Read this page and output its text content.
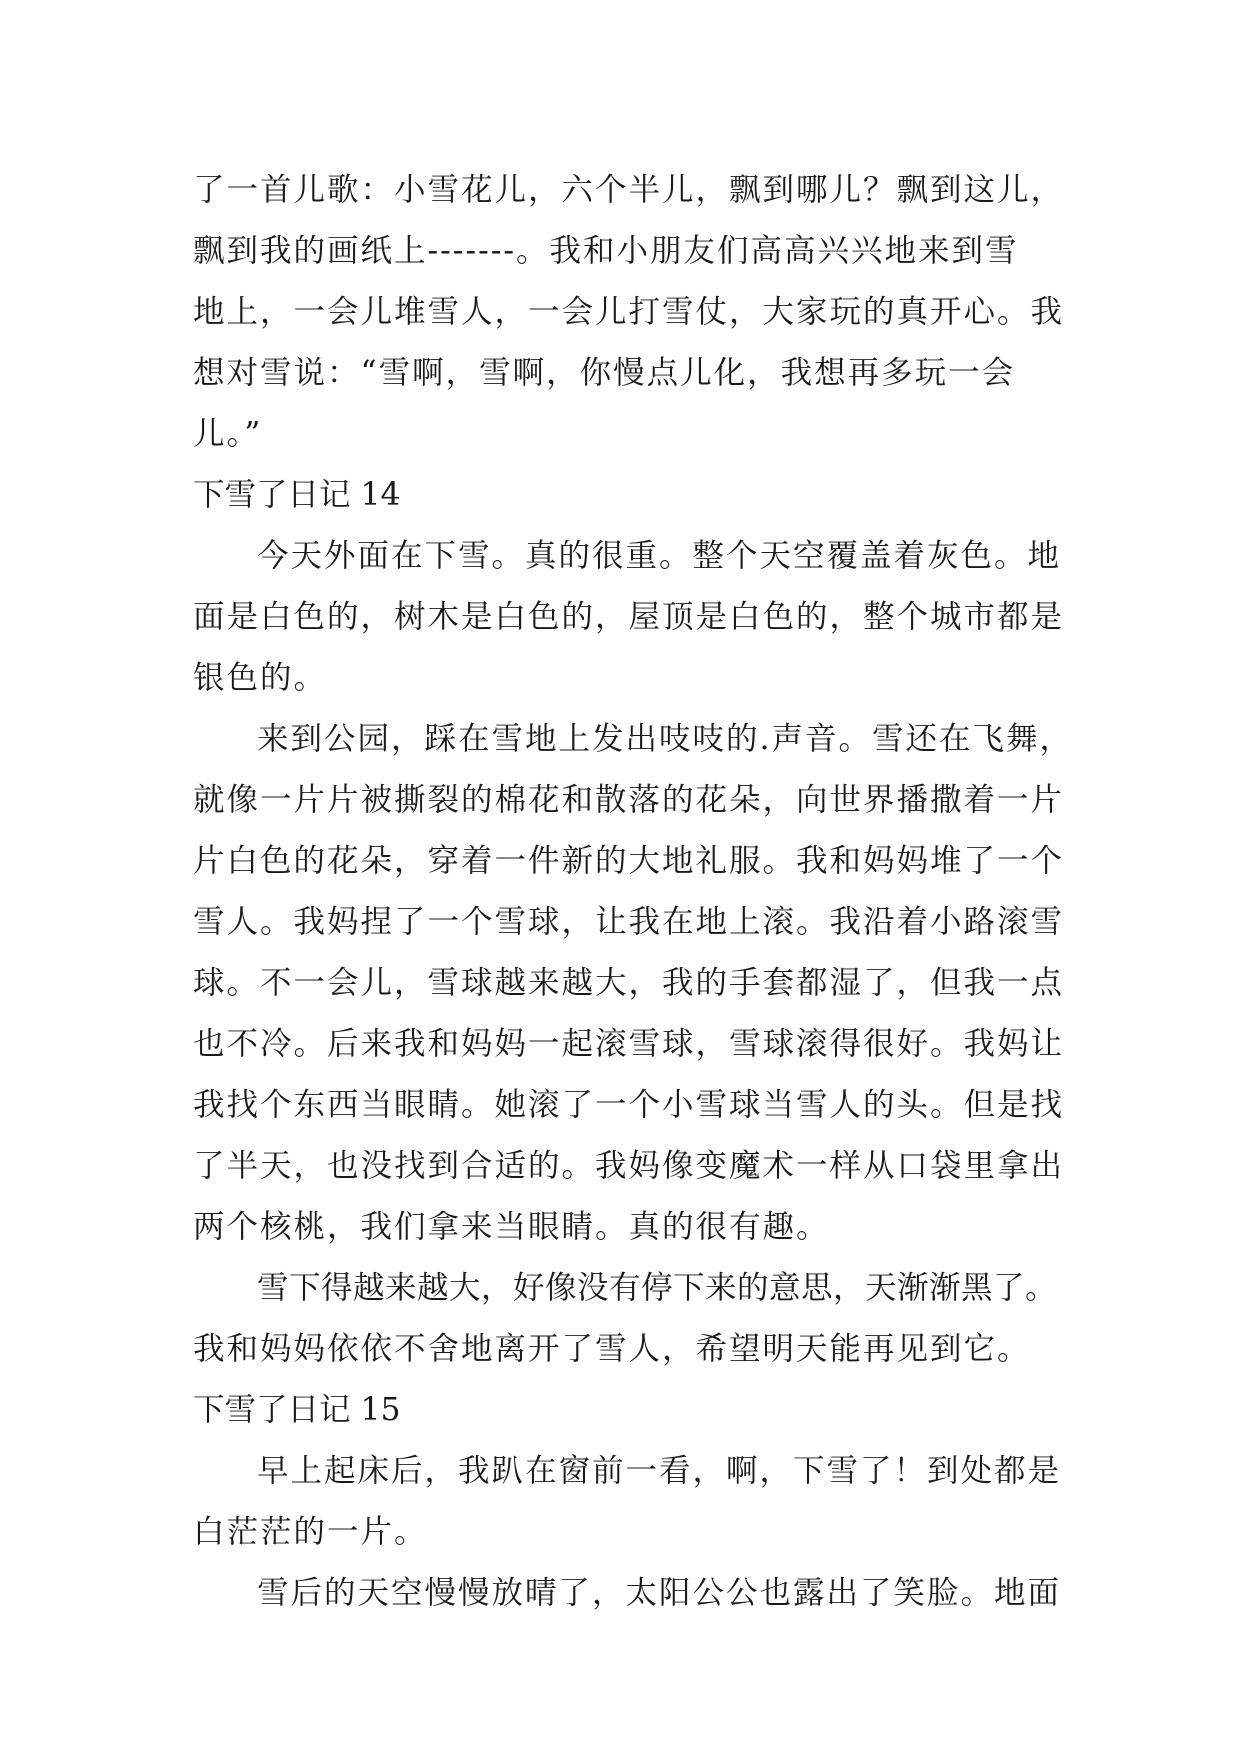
了一首儿歌：小雪花儿，六个半儿，飘到哪儿？飘到这儿，
飘到我的画纸上-------。我和小朋友们高高兴兴地来到雪
地上，一会儿堆雪人，一会儿打雪仗，大家玩的真开心。我
想对雪说：“雪啊，雪啊，你慢点儿化，我想再多玩一会
儿。”
下雪了日记 14
今天外面在下雪。真的很重。整个天空覆盖着灰色。地
面是白色的，树木是白色的，屋顶是白色的，整个城市都是
银色的。
来到公园，踩在雪地上发出吱吱的.声音。雪还在飞舞，
就像一片片被撕裂的棉花和散落的花朵，向世界播撒着一片
片白色的花朵，穿着一件新的大地礼服。我和妈妈堆了一个
雪人。我妈捏了一个雪球，让我在地上滚。我沿着小路滚雪
球。不一会儿，雪球越来越大，我的手套都湿了，但我一点
也不冷。后来我和妈妈一起滚雪球，雪球滚得很好。我妈让
我找个东西当眼睛。她滚了一个小雪球当雪人的头。但是找
了半天，也没找到合适的。我妈像变魔术一样从口袋里拿出
两个核桃，我们拿来当眼睛。真的很有趣。
雪下得越来越大，好像没有停下来的意思，天渐渐黑了。
我和妈妈依依不舍地离开了雪人，希望明天能再见到它。
下雪了日记 15
早上起床后，我趴在窗前一看，啊，下雪了！到处都是
白茫茫的一片。
雪后的天空慢慢放晴了，太阳公公也露出了笑脸。地面
